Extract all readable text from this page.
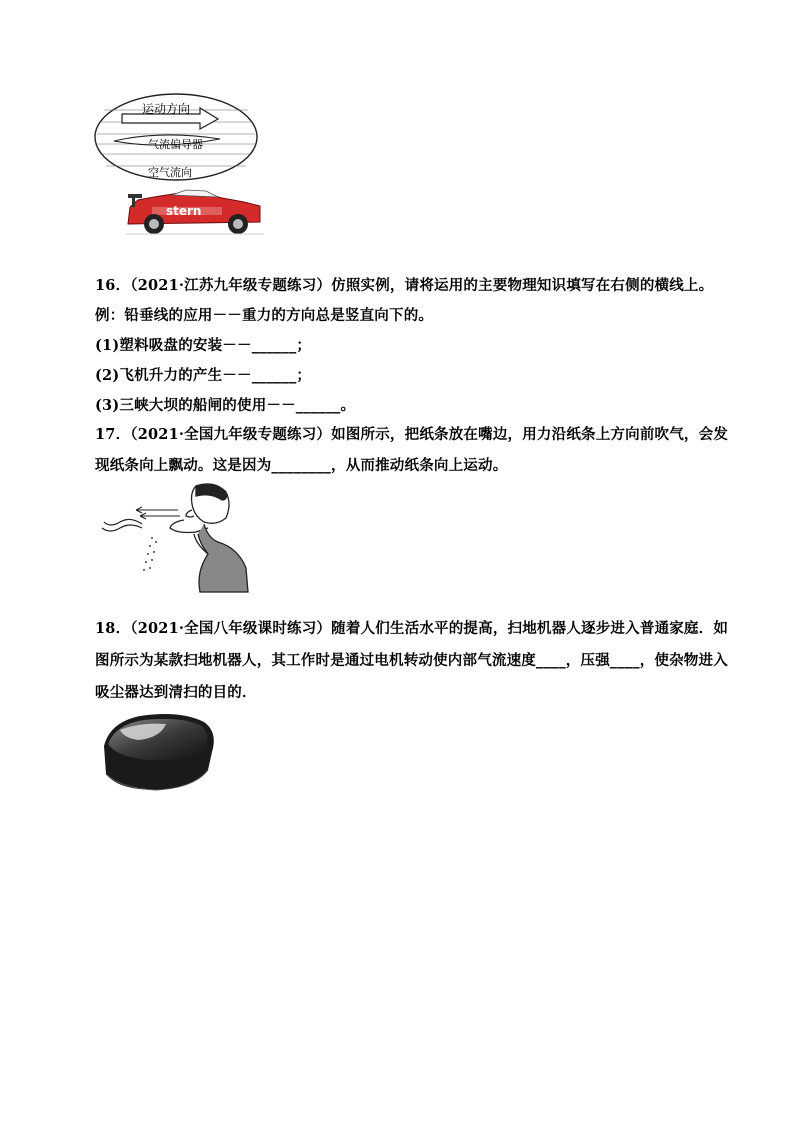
运动方向
气流偏导器
空气流向
stern
16．（2021·江苏九年级专题练习）仿照实例，请将运用的主要物理知识填写在右侧的横线上。
例：铅垂线的应用－－重力的方向总是竖直向下的。
(1)塑料吸盘的安装－－______；
(2)飞机升力的产生－－______；
(3)三峡大坝的船闸的使用－－______。
17．（2021·全国九年级专题练习）如图所示，把纸条放在嘴边，用力沿纸条上方向前吹气，会发
现纸条向上飘动。这是因为________，从而推动纸条向上运动。
18．（2021·全国八年级课时练习）随着人们生活水平的提高，扫地机器人逐步进入普通家庭．如
图所示为某款扫地机器人，其工作时是通过电机转动使内部气流速度____，压强____，使杂物进入
吸尘器达到清扫的目的．
